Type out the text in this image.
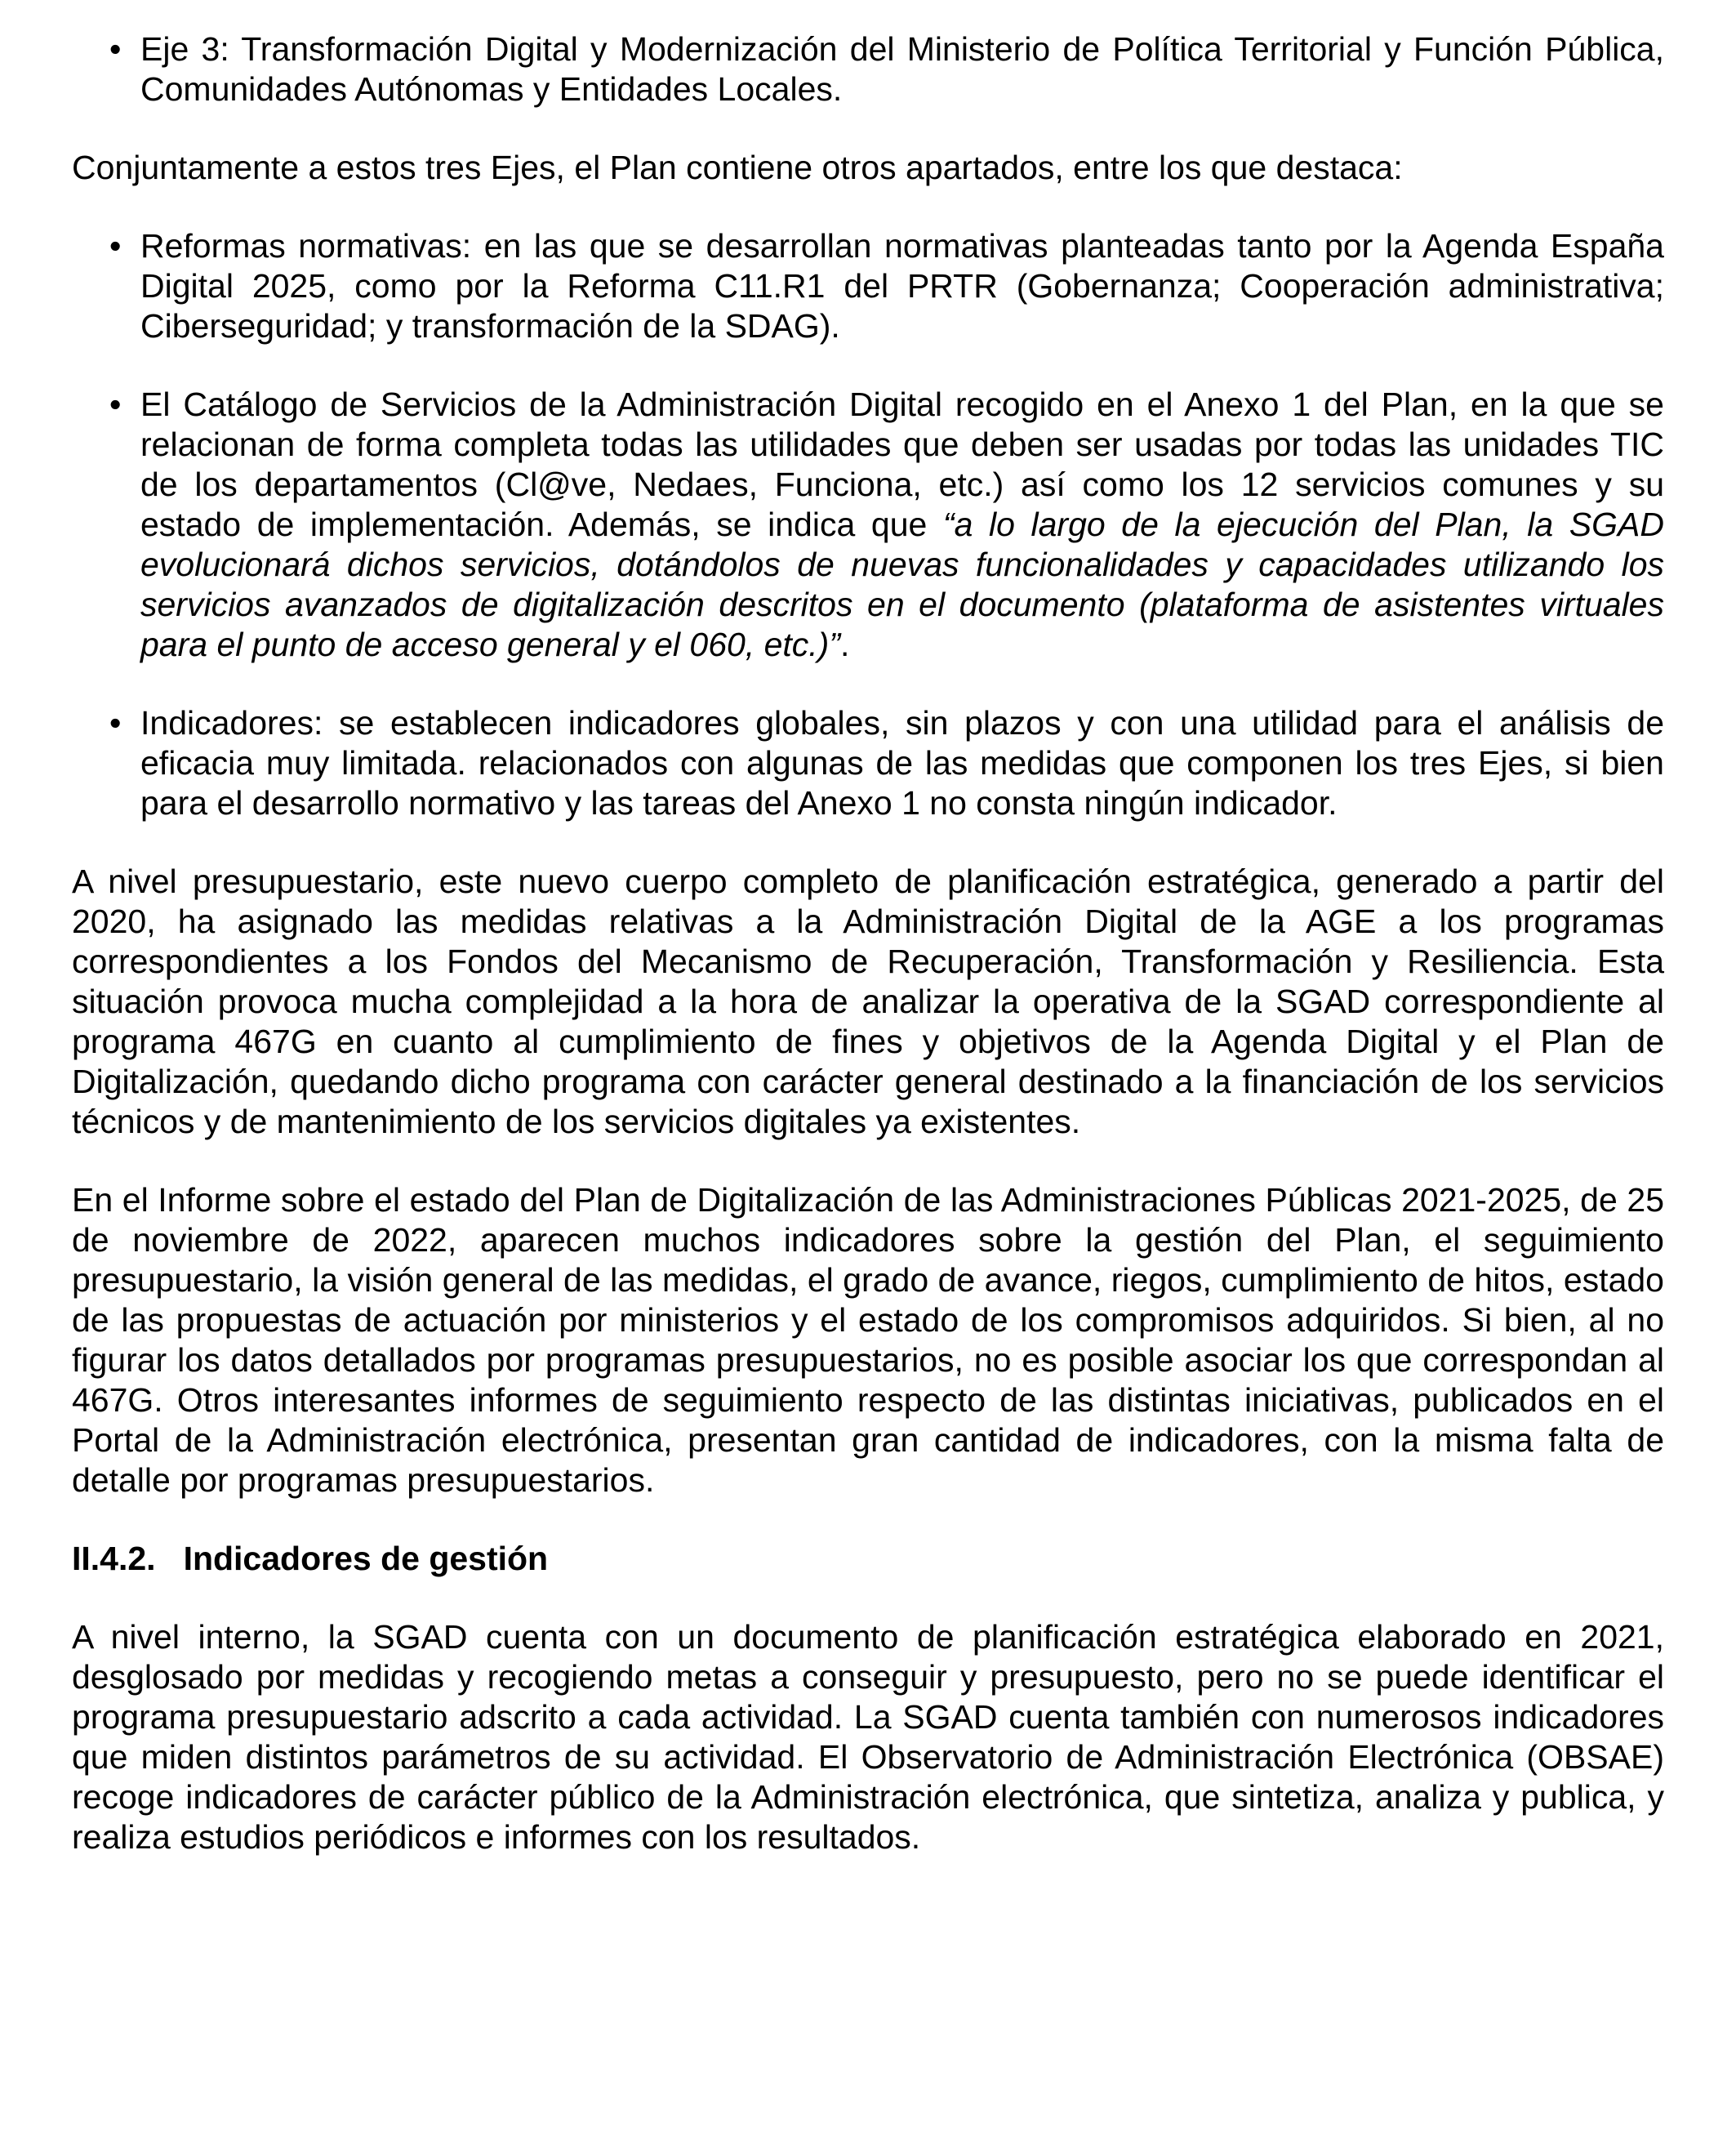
• Eje 3: Transformación Digital y Modernización del Ministerio de Política Territorial y Función Pública, Comunidades Autónomas y Entidades Locales.

Conjuntamente a estos tres Ejes, el Plan contiene otros apartados, entre los que destaca:

• Reformas normativas: en las que se desarrollan normativas planteadas tanto por la Agenda España Digital 2025, como por la Reforma C11.R1 del PRTR (Gobernanza; Cooperación administrativa; Ciberseguridad; y transformación de la SDAG).
• El Catálogo de Servicios de la Administración Digital recogido en el Anexo 1 del Plan, en la que se relacionan de forma completa todas las utilidades que deben ser usadas por todas las unidades TIC de los departamentos (Cl@ve, Nedaes, Funciona, etc.) así como los 12 servicios comunes y su estado de implementación. Además, se indica que “a lo largo de la ejecución del Plan, la SGAD evolucionará dichos servicios, dotándolos de nuevas funcionalidades y capacidades utilizando los servicios avanzados de digitalización descritos en el documento (plataforma de asistentes virtuales para el punto de acceso general y el 060, etc.)”.
• Indicadores: se establecen indicadores globales, sin plazos y con una utilidad para el análisis de eficacia muy limitada. relacionados con algunas de las medidas que componen los tres Ejes, si bien para el desarrollo normativo y las tareas del Anexo 1 no consta ningún indicador.

A nivel presupuestario, este nuevo cuerpo completo de planificación estratégica, generado a partir del 2020, ha asignado las medidas relativas a la Administración Digital de la AGE a los programas correspondientes a los Fondos del Mecanismo de Recuperación, Transformación y Resiliencia. Esta situación provoca mucha complejidad a la hora de analizar la operativa de la SGAD correspondiente al programa 467G en cuanto al cumplimiento de fines y objetivos de la Agenda Digital y el Plan de Digitalización, quedando dicho programa con carácter general destinado a la financiación de los servicios técnicos y de mantenimiento de los servicios digitales ya existentes.

En el Informe sobre el estado del Plan de Digitalización de las Administraciones Públicas 2021-2025, de 25 de noviembre de 2022, aparecen muchos indicadores sobre la gestión del Plan, el seguimiento presupuestario, la visión general de las medidas, el grado de avance, riegos, cumplimiento de hitos, estado de las propuestas de actuación por ministerios y el estado de los compromisos adquiridos. Si bien, al no figurar los datos detallados por programas presupuestarios, no es posible asociar los que correspondan al 467G. Otros interesantes informes de seguimiento respecto de las distintas iniciativas, publicados en el Portal de la Administración electrónica, presentan gran cantidad de indicadores, con la misma falta de detalle por programas presupuestarios.

II.4.2. Indicadores de gestión

A nivel interno, la SGAD cuenta con un documento de planificación estratégica elaborado en 2021, desglosado por medidas y recogiendo metas a conseguir y presupuesto, pero no se puede identificar el programa presupuestario adscrito a cada actividad. La SGAD cuenta también con numerosos indicadores que miden distintos parámetros de su actividad. El Observatorio de Administración Electrónica (OBSAE) recoge indicadores de carácter público de la Administración electrónica, que sintetiza, analiza y publica, y realiza estudios periódicos e informes con los resultados.
